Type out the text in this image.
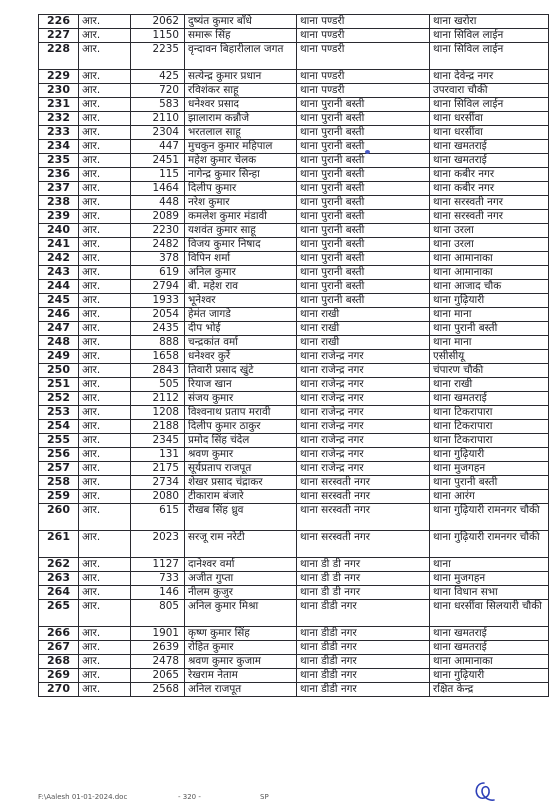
226	आर.	2062	दुष्यंत कुमार बाँधे	थाना पण्डरी	थाना खरोरा
227	आर.	1150	समारू सिंह	थाना पण्डरी	थाना सिविल लाईन
228	आर.	2235	वृन्दावन बिहारीलाल जगत	थाना पण्डरी	थाना सिविल लाईन
229	आर.	425	सत्येन्द्र कुमार प्रधान	थाना पण्डरी	थाना देवेन्द्र नगर
230	आर.	720	रविशंकर साहू	थाना पण्डरी	उपरवारा चौकी
231	आर.	583	धनेश्वर प्रसाद	थाना पुरानी बस्ती	थाना सिविल लाईन
232	आर.	2110	झालाराम कन्नौजे	थाना पुरानी बस्ती	थाना धरसींवा
233	आर.	2304	भरतलाल साहू	थाना पुरानी बस्ती	थाना धरसींवा
234	आर.	447	मुचकुन कुमार महिपाल	थाना पुरानी बस्ती	थाना खमतराई
235	आर.	2451	महेश कुमार चेलक	थाना पुरानी बस्ती	थाना खमतराई
236	आर.	115	नागेन्द्र कुमार सिन्हा	थाना पुरानी बस्ती	थाना कबीर नगर
237	आर.	1464	दिलीप कुमार	थाना पुरानी बस्ती	थाना कबीर नगर
238	आर.	448	नरेश कुमार	थाना पुरानी बस्ती	थाना सरस्वती नगर
239	आर.	2089	कमलेश कुमार मंडावी	थाना पुरानी बस्ती	थाना सरस्वती नगर
240	आर.	2230	यशवंत कुमार साहू	थाना पुरानी बस्ती	थाना उरला
241	आर.	2482	विजय कुमार निषाद	थाना पुरानी बस्ती	थाना उरला
242	आर.	378	विपिन शर्मा	थाना पुरानी बस्ती	थाना आमानाका
243	आर.	619	अनिल कुमार	थाना पुरानी बस्ती	थाना आमानाका
244	आर.	2794	बी. महेश राव	थाना पुरानी बस्ती	थाना आजाद चौक
245	आर.	1933	भूनेश्वर	थाना पुरानी बस्ती	थाना गुढ़ियारी
246	आर.	2054	हेमंत जागडे	थाना राखी	थाना माना
247	आर.	2435	दीप भोई	थाना राखी	थाना पुरानी बस्ती
248	आर.	888	चन्द्रकांत वर्मा	थाना राखी	थाना माना
249	आर.	1658	धनेश्वर कुर्रे	थाना राजेन्द्र नगर	एसीसीयू
250	आर.	2843	तिवारी प्रसाद खुंटे	थाना राजेन्द्र नगर	चंपारण चौकी
251	आर.	505	रियाज खान	थाना राजेन्द्र नगर	थाना राखी
252	आर.	2112	संजय कुमार	थाना राजेन्द्र नगर	थाना खमतराई
253	आर.	1208	विश्वनाथ प्रताप मरावी	थाना राजेन्द्र नगर	थाना टिकरापारा
254	आर.	2188	दिलीप कुमार ठाकुर	थाना राजेन्द्र नगर	थाना टिकरापारा
255	आर.	2345	प्रमोद सिंह चंदेल	थाना राजेन्द्र नगर	थाना टिकरापारा
256	आर.	131	श्रवण कुमार	थाना राजेन्द्र नगर	थाना गुढ़ियारी
257	आर.	2175	सूर्यप्रताप राजपूत	थाना राजेन्द्र नगर	थाना मुजगहन
258	आर.	2734	शेखर प्रसाद चंद्राकर	थाना सरस्वती नगर	थाना पुरानी बस्ती
259	आर.	2080	टीकाराम बंजारे	थाना सरस्वती नगर	थाना आरंग
260	आर.	615	रीखब सिंह ध्रुव	थाना सरस्वती नगर	थाना गुढ़ियारी रामनगर चौकी
261	आर.	2023	सरजू राम नरेटी	थाना सरस्वती नगर	थाना गुढ़ियारी रामनगर चौकी
262	आर.	1127	दानेश्वर वर्मा	थाना डी डी नगर	थाना
263	आर.	733	अजीत गुप्ता	थाना डी डी नगर	थाना मुजगहन
264	आर.	146	नीलम कुजुर	थाना डी डी नगर	थाना विधान सभा
265	आर.	805	अनिल कुमार मिश्रा	थाना डीडी नगर	थाना धरसींवा सिलयारी चौकी
266	आर.	1901	कृष्ण कुमार सिंह	थाना डीडी नगर	थाना खमतराई
267	आर.	2639	रोहित कुमार	थाना डीडी नगर	थाना खमतराई
268	आर.	2478	श्रवण कुमार कुजाम	थाना डीडी नगर	थाना आमानाका
269	आर.	2065	रेखराम नेताम	थाना डीडी नगर	थाना गुढ़ियारी
270	आर.	2568	अनिल राजपूत	थाना डीडी नगर	रक्षित केन्द्र
F:\Aalesh 01-01-2024.doc	- 320 -	SP
